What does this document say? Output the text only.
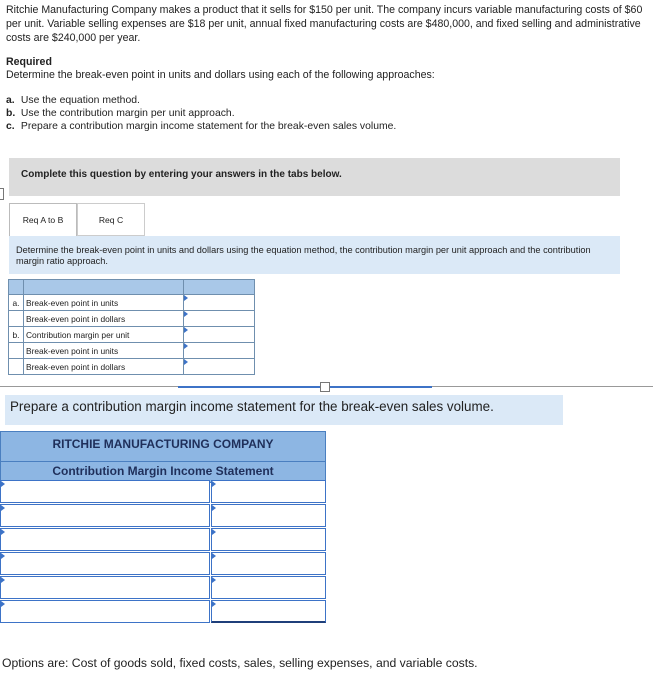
Ritchie Manufacturing Company makes a product that it sells for $150 per unit. The company incurs variable manufacturing costs of $60 per unit. Variable selling expenses are $18 per unit, annual fixed manufacturing costs are $480,000, and fixed selling and administrative costs are $240,000 per year.
Required
Determine the break-even point in units and dollars using each of the following approaches:
a. Use the equation method.
b. Use the contribution margin per unit approach.
c. Prepare a contribution margin income statement for the break-even sales volume.
Complete this question by entering your answers in the tabs below.
Req A to B	Req C
Determine the break-even point in units and dollars using the equation method, the contribution margin per unit approach and the contribution margin ratio approach.

a.	Break-even point in units	

	Break-even point in dollars	

b.	Contribution margin per unit	

	Break-even point in units	

	Break-even point in dollars	
Prepare a contribution margin income statement for the break-even sales volume.
RITCHIE MANUFACTURING COMPANY
Contribution Margin Income Statement
Options are: Cost of goods sold, fixed costs, sales, selling expenses, and variable costs.
